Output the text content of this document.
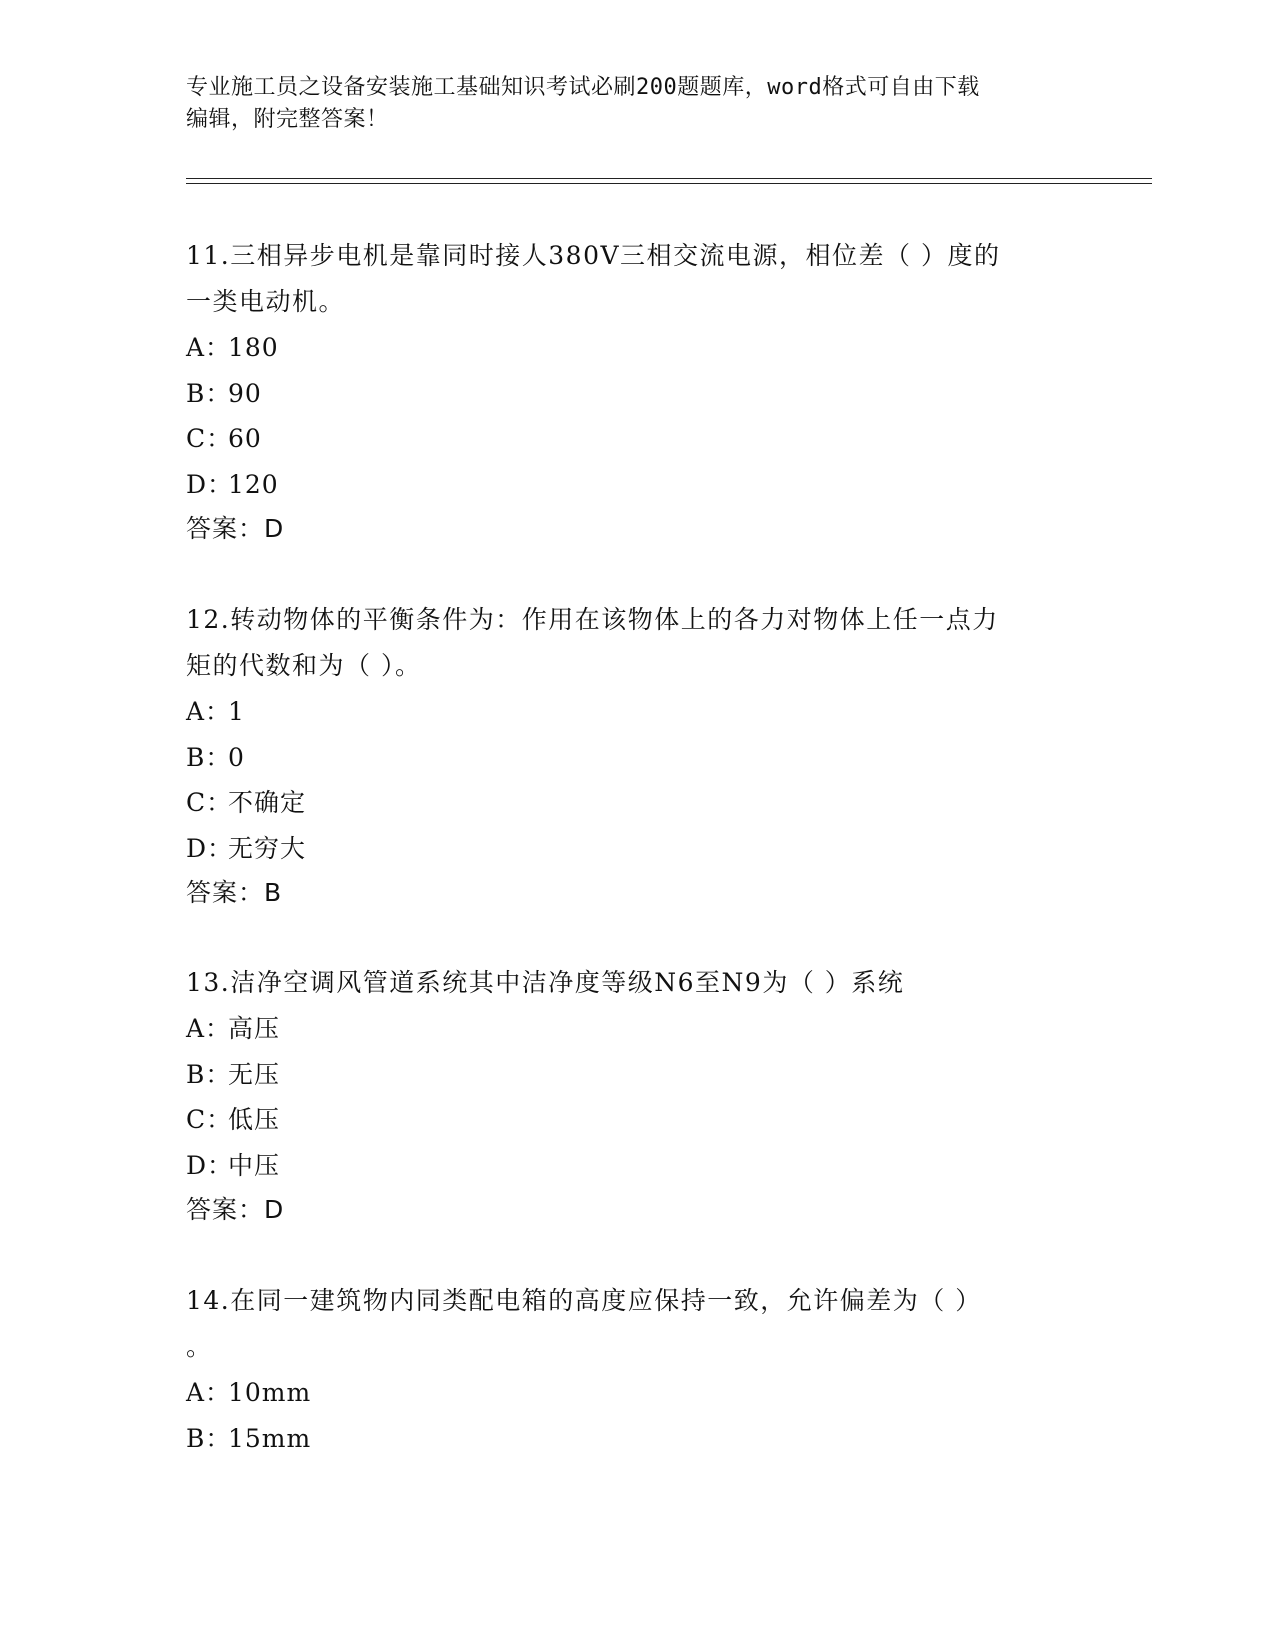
专业施工员之设备安装施工基础知识考试必刷200题题库，word格式可自由下载
编辑，附完整答案！
11.三相异步电机是靠同时接人380V三相交流电源，相位差（ ）度的
一类电动机。
A：180
B：90
C：60
D：120
答案：D
12.转动物体的平衡条件为：作用在该物体上的各力对物体上任一点力
矩的代数和为（ ）。
A：1
B：0
C：不确定
D：无穷大
答案：B
13.洁净空调风管道系统其中洁净度等级N6至N9为（ ）系统
A：高压
B：无压
C：低压
D：中压
答案：D
14.在同一建筑物内同类配电箱的高度应保持一致，允许偏差为（ ）
。
A：10mm
B：15mm
